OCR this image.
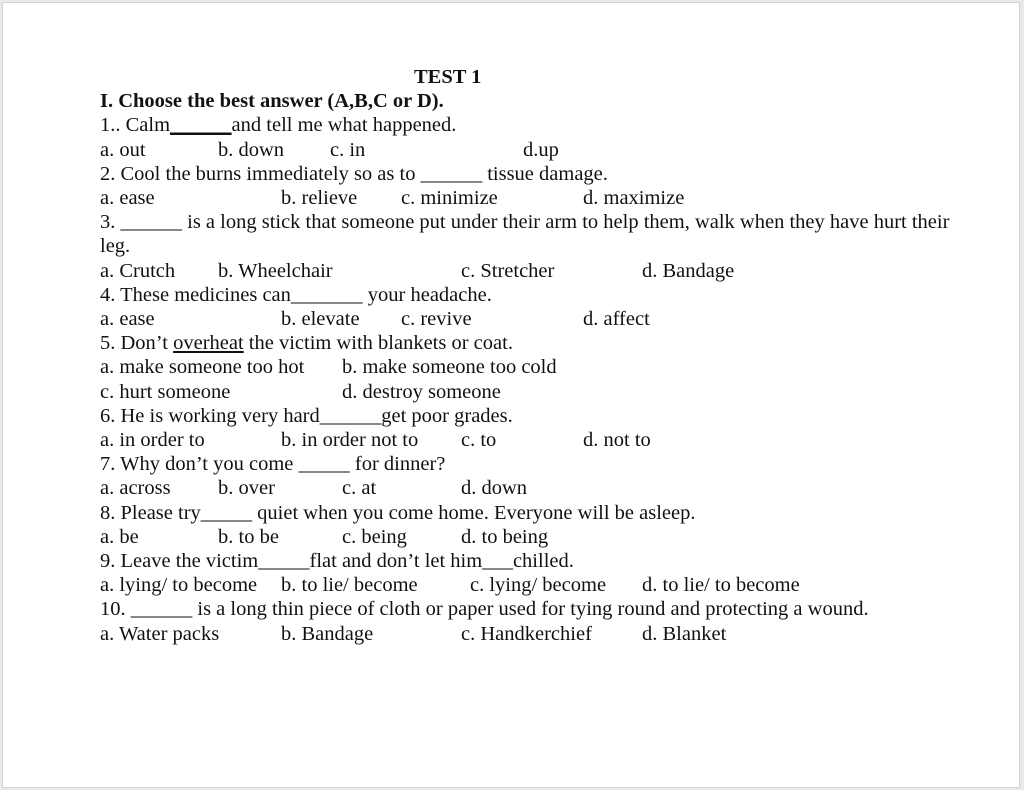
TEST 1
I. Choose the best answer (A,B,C or D).
1.. Calm______and tell me what happened.
a. out	b. down c. in	d.up
2. Cool the burns immediately so as to ______ tissue damage.
a. ease	b. relieve c. minimize	d. maximize
3. ______ is a long stick that someone put under their arm to help them, walk when they have hurt their leg.
a. Crutch b. Wheelchair	c. Stretcher	d. Bandage
4. These medicines can_______ your headache.
a. ease	b. elevate c. revive	d. affect
5. Don’t overheat the victim with blankets or coat.
a. make someone too hot b. make someone too cold
c. hurt someone	d. destroy someone
6. He is working very hard______get poor grades.
a. in order to	b. in order not to c. to	d. not to
7. Why don’t you come _____ for dinner?
a. across b. over	c. at	d. down
8. Please try_____ quiet when you come home. Everyone will be asleep.
a. be	b. to be	c. being	d. to being
9. Leave the victim_____flat and don’t let him___chilled.
a. lying/ to become b. to lie/ become	c. lying/ become d. to lie/ to become
10. ______ is a long thin piece of cloth or paper used for tying round and protecting a wound.
a. Water packs	b. Bandage	c. Handkerchief d. Blanket
